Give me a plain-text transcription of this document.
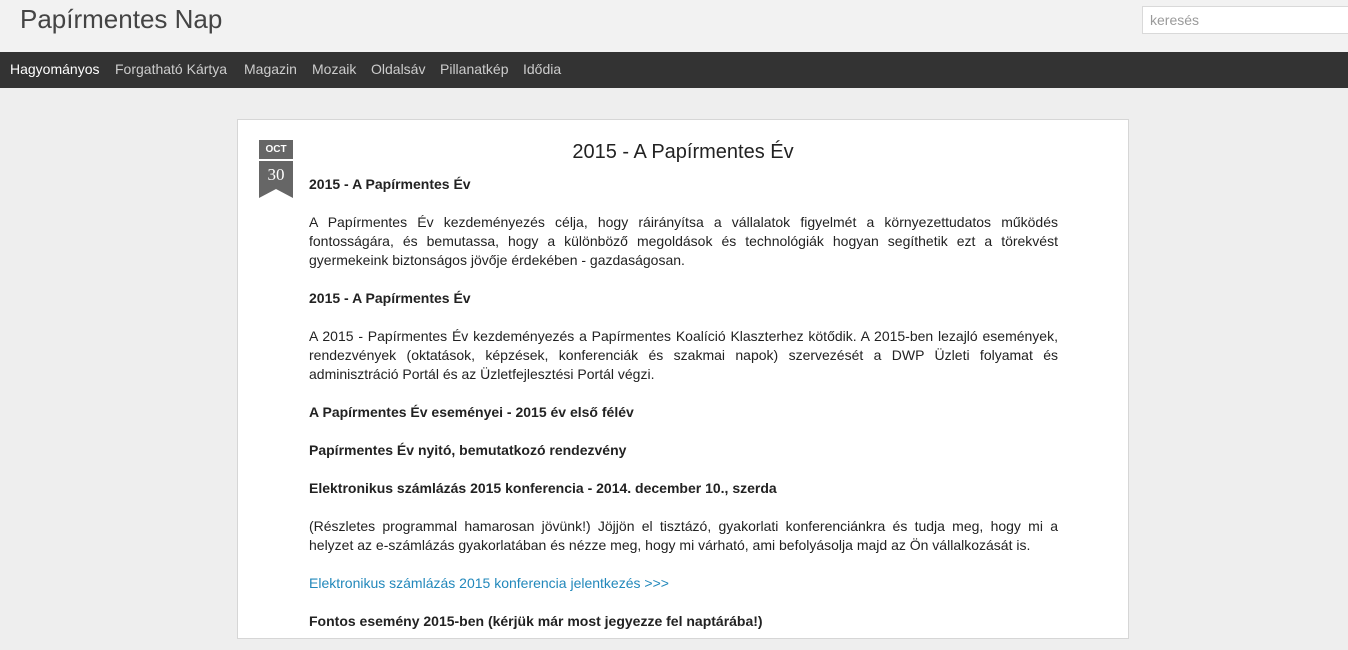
Papírmentes Nap
keresés
Hagyományos Forgatható Kártya Magazin Mozaik Oldalsáv Pillanatkép Idődia
OCT
30
2015 - A Papírmentes Év

2015 - A Papírmentes Év

A Papírmentes Év kezdeményezés célja, hogy ráirányítsa a vállalatok figyelmét a környezettudatos működés fontosságára, és bemutassa, hogy a különböző megoldások és technológiák hogyan segíthetik ezt a törekvést gyermekeink biztonságos jövője érdekében - gazdaságosan.

2015 - A Papírmentes Év

A 2015 - Papírmentes Év kezdeményezés a Papírmentes Koalíció Klaszterhez kötődik. A 2015-ben lezajló események, rendezvények (oktatások, képzések, konferenciák és szakmai napok) szervezését a DWP Üzleti folyamat és adminisztráció Portál és az Üzletfejlesztési Portál végzi.

A Papírmentes Év eseményei - 2015 év első félév

Papírmentes Év nyitó, bemutatkozó rendezvény

Elektronikus számlázás 2015 konferencia - 2014. december 10., szerda

(Részletes programmal hamarosan jövünk!) Jöjjön el tisztázó, gyakorlati konferenciánkra és tudja meg, hogy mi a helyzet az e-számlázás gyakorlatában és nézze meg, hogy mi várható, ami befolyásolja majd az Ön vállalkozását is.

Elektronikus számlázás 2015 konferencia jelentkezés >>>

Fontos esemény 2015-ben (kérjük már most jegyezze fel naptárába!)
